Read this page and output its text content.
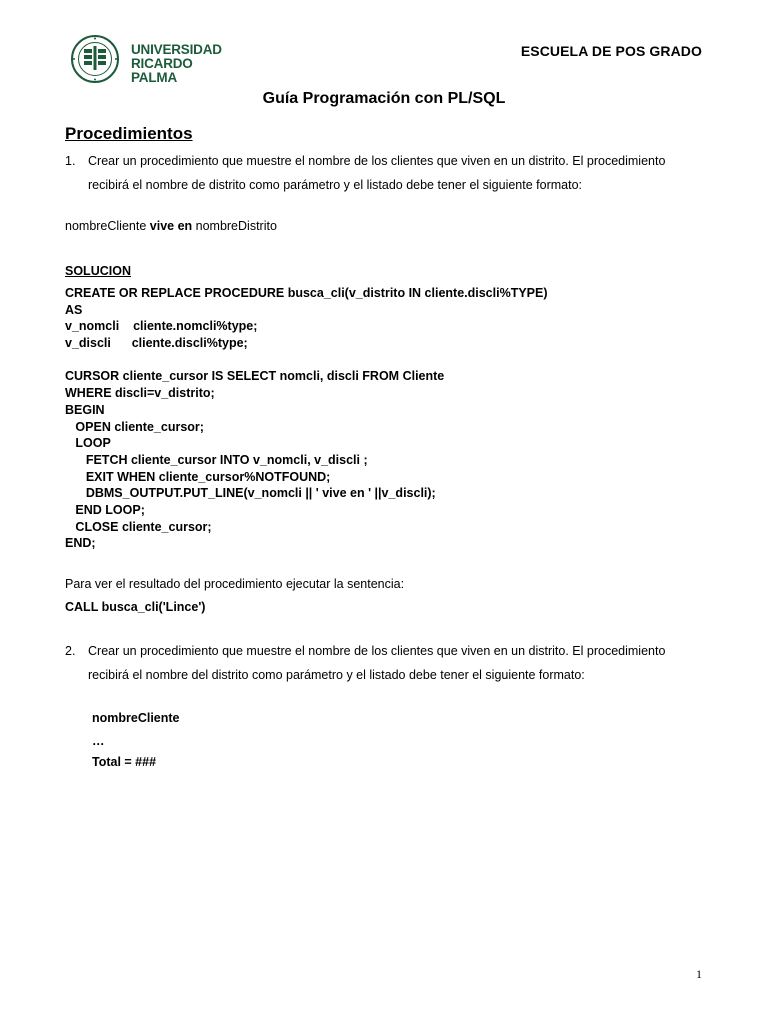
UNIVERSIDAD
RICARDO PALMA
ESCUELA DE POS GRADO
Guía Programación con PL/SQL
Procedimientos
1. Crear un procedimiento que muestre el nombre de los clientes que viven en un distrito. El procedimiento recibirá el nombre de distrito como parámetro y el listado debe tener el siguiente formato:
nombreCliente vive en nombreDistrito
SOLUCION
CREATE OR REPLACE PROCEDURE busca_cli(v_distrito IN cliente.discli%TYPE)
AS
v_nomcli    cliente.nomcli%type;
v_discli      cliente.discli%type;
CURSOR cliente_cursor IS SELECT nomcli, discli FROM Cliente
WHERE discli=v_distrito;
BEGIN
OPEN cliente_cursor;
LOOP
FETCH cliente_cursor INTO v_nomcli, v_discli ;
EXIT WHEN cliente_cursor%NOTFOUND;
DBMS_OUTPUT.PUT_LINE(v_nomcli || ' vive en ' ||v_discli);
END LOOP;
CLOSE cliente_cursor;
END;
Para ver el resultado del procedimiento ejecutar la sentencia:
CALL busca_cli('Lince')
2. Crear un procedimiento que muestre el nombre de los clientes que viven en un distrito. El procedimiento recibirá el nombre del distrito como parámetro y el listado debe tener el siguiente formato:
nombreCliente
…
Total = ###
1
